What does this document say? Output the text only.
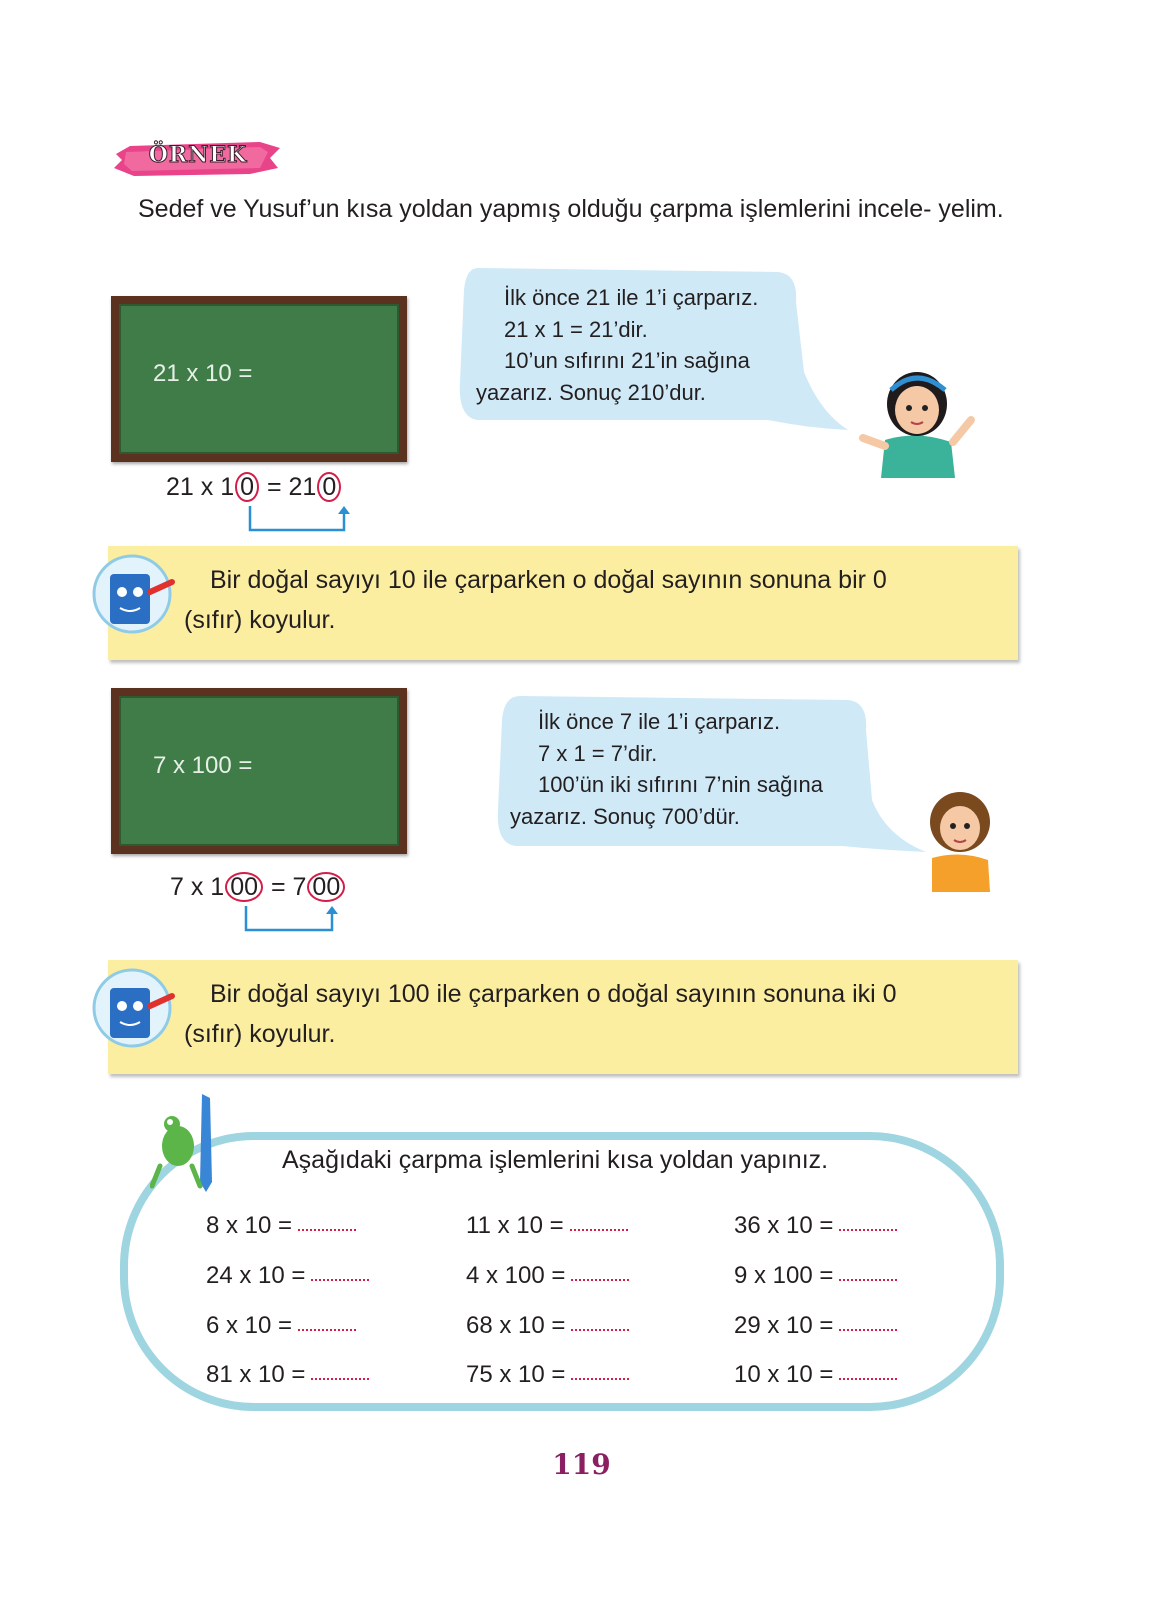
ÖRNEK
Sedef ve Yusuf’un kısa yoldan yapmış olduğu çarpma işlemlerini incele- yelim.
21 x 10 =
İlk önce 21 ile 1’i çarparız.
21 x 1 = 21’dir.
10’un sıfırını 21’in sağına
yazarız. Sonuç 210’dur.
21 x 1 0 = 21 0
Bir doğal sayıyı 10 ile çarparken o doğal sayının sonuna bir 0
(sıfır) koyulur.
7 x 100 =
İlk önce 7 ile 1’i çarparız.
7 x 1 = 7’dir.
100’ün iki sıfırını 7’nin sağına
yazarız. Sonuç 700’dür.
7 x 1 00 = 7 00
Bir doğal sayıyı 100 ile çarparken o doğal sayının sonuna iki 0
(sıfır) koyulur.
Aşağıdaki çarpma işlemlerini kısa yoldan yapınız.
8 x 10 =
24 x 10 =
6 x 10 =
81 x 10 =
11 x 10 =
4 x 100 =
68 x 10 =
75 x 10 =
36 x 10 =
9 x 100 =
29 x 10 =
10 x 10 =
119
